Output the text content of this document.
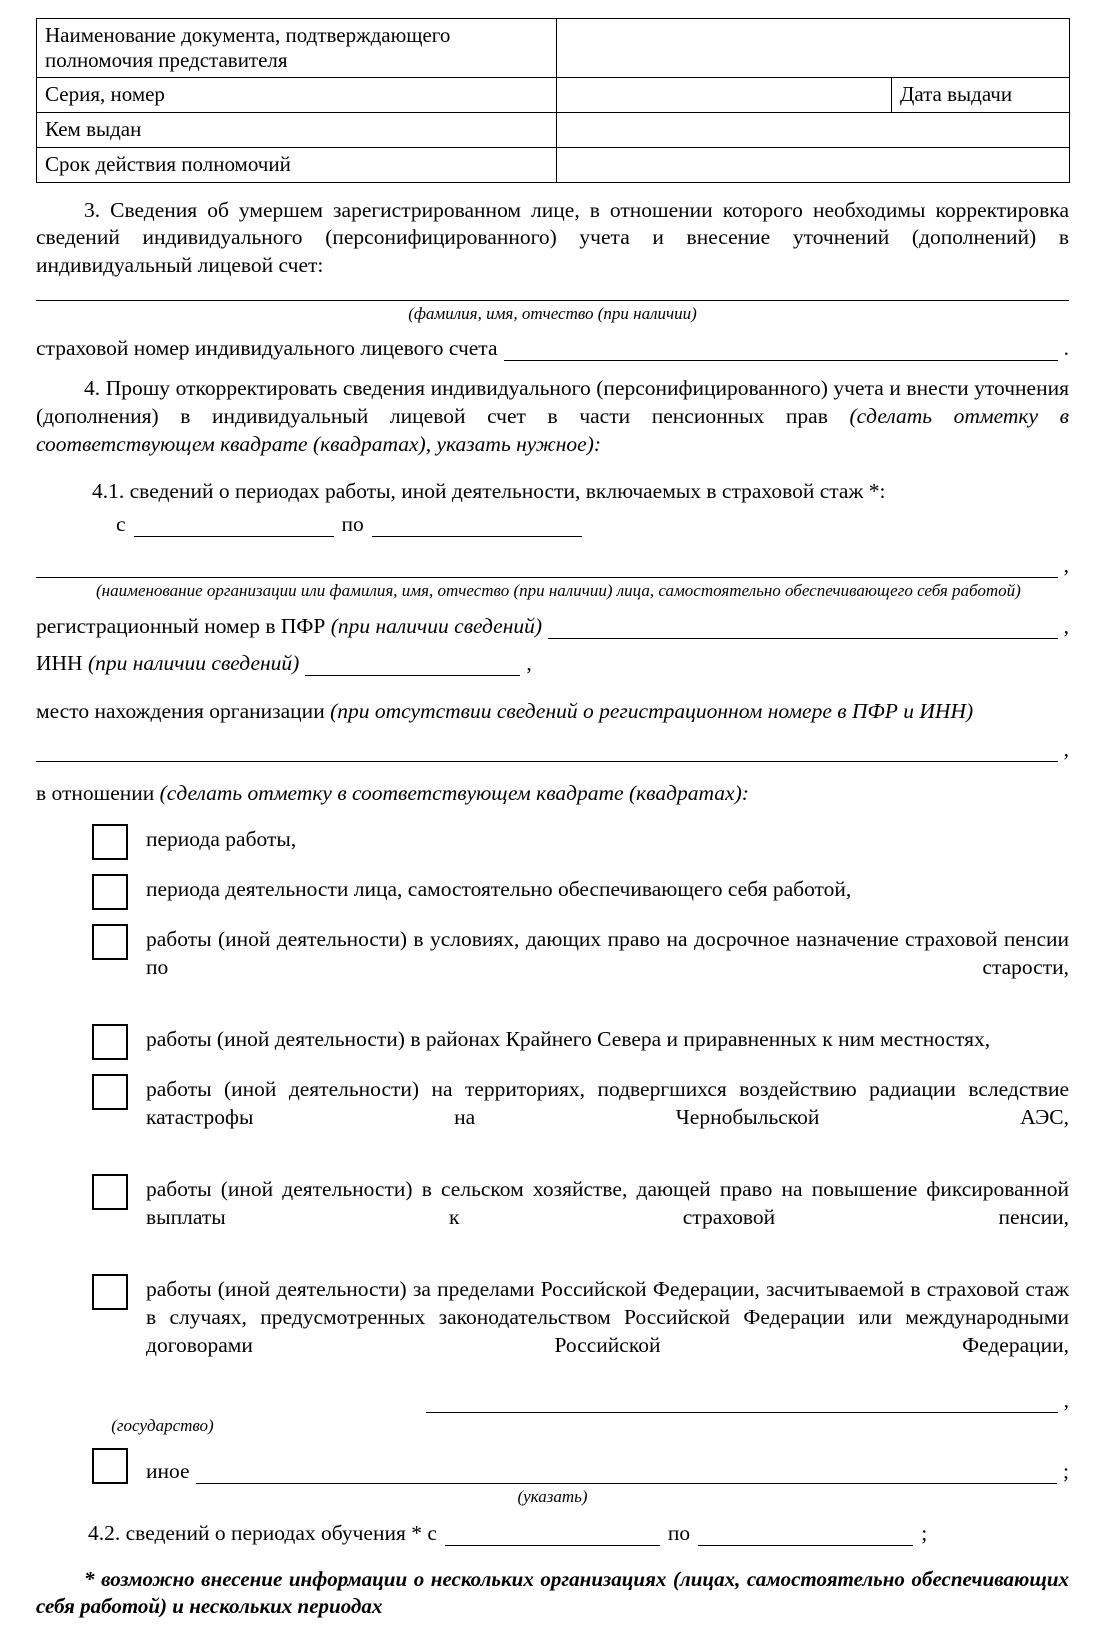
Наименование документа, подтверждающего полномочия представителя		
Серия, номер		Дата выдачи
Кем выдан		
Срок действия полномочий		
3. Сведения об умершем зарегистрированном лице, в отношении которого необходимы корректировка сведений индивидуального (персонифицированного) учета и внесение уточнений (дополнений) в индивидуальный лицевой счет:
(фамилия, имя, отчество (при наличии)
страховой номер индивидуального лицевого счета	.
4. Прошу откорректировать сведения индивидуального (персонифицированного) учета и внести уточнения (дополнения) в индивидуальный лицевой счет в части пенсионных прав (сделать отметку в соответствующем квадрате (квадратах), указать нужное):
4.1. сведений о периодах работы, иной деятельности, включаемых в страховой стаж *:
с	по
,
(наименование организации или фамилия, имя, отчество (при наличии) лица, самостоятельно обеспечивающего себя работой)
регистрационный номер в ПФР (при наличии сведений)	,
ИНН (при наличии сведений)	,
место нахождения организации (при отсутствии сведений о регистрационном номере в ПФР и ИНН)
,
в отношении (сделать отметку в соответствующем квадрате (квадратах):
периода работы,
периода деятельности лица, самостоятельно обеспечивающего себя работой,
работы (иной деятельности) в условиях, дающих право на досрочное назначение страховой пенсии по старости,
работы (иной деятельности) в районах Крайнего Севера и приравненных к ним местностях,
работы (иной деятельности) на территориях, подвергшихся воздействию радиации вследствие катастрофы на Чернобыльской АЭС,
работы (иной деятельности) в сельском хозяйстве, дающей право на повышение фиксированной выплаты к страховой пенсии,
работы (иной деятельности) за пределами Российской Федерации, засчитываемой в страховой стаж в случаях, предусмотренных законодательством Российской Федерации или международными договорами Российской Федерации,
,
(государство)
иное	;
(указать)
4.2. сведений о периодах обучения * с	по	;
* возможно внесение информации о нескольких организациях (лицах, самостоятельно обеспечивающих себя работой) и нескольких периодах
